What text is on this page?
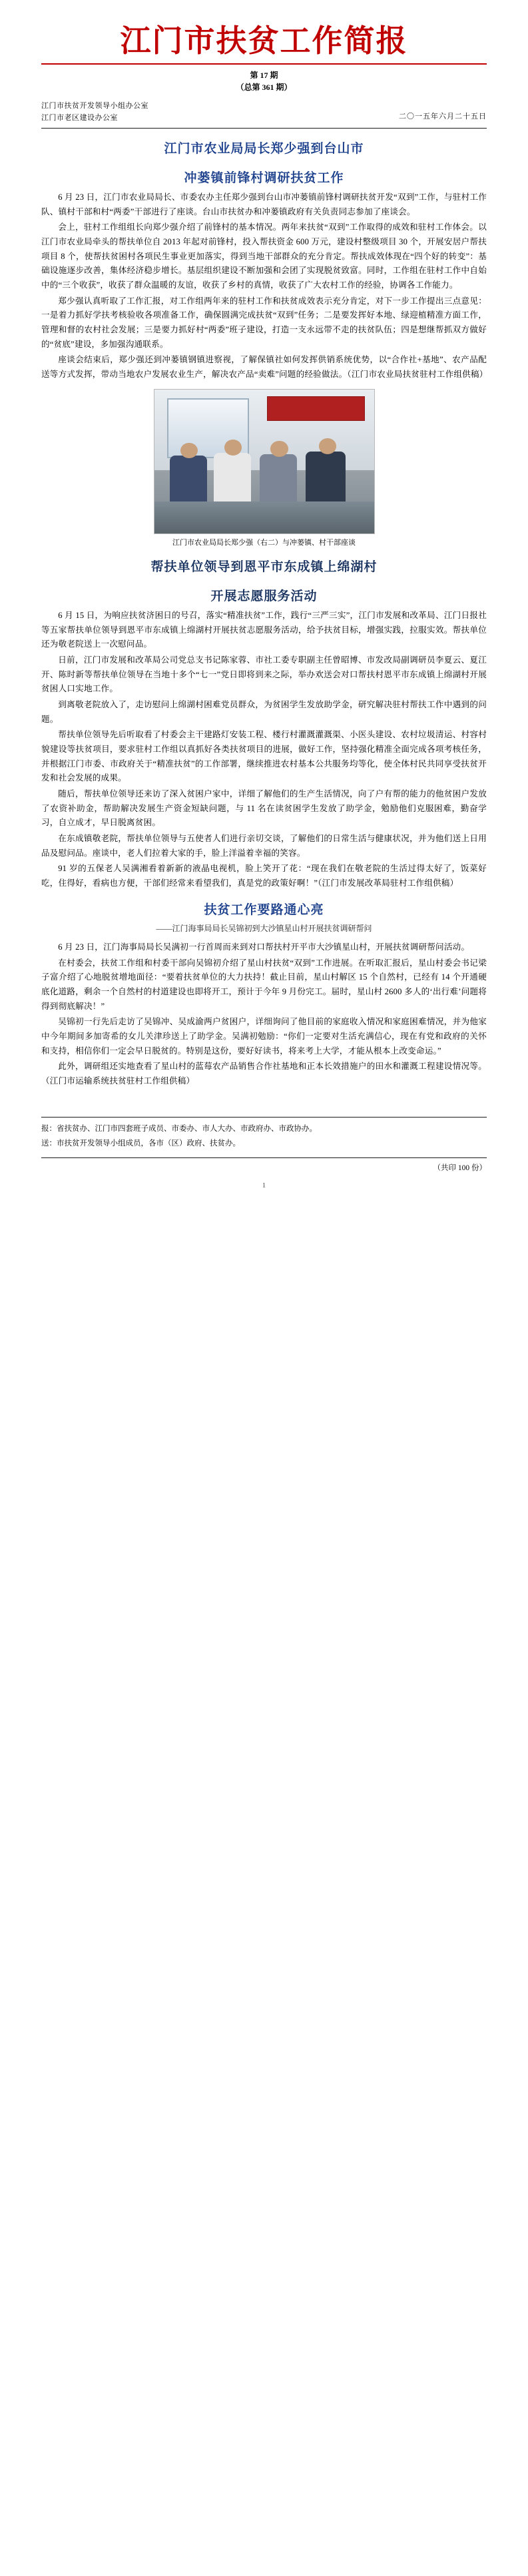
江门市扶贫工作简报
第 17 期
（总第 361 期）
江门市扶贫开发领导小组办公室
江门市老区建设办公室	二〇一五年六月二十五日
江门市农业局局长郑少强到台山市
冲蒌镇前锋村调研扶贫工作

6 月 23 日，江门市农业局局长、市委农办主任郑少强到台山市冲蒌镇前锋村调研扶贫开发“双到”工作，与驻村工作队、镇村干部和村“两委”干部进行了座谈。台山市扶贫办和冲蒌镇政府有关负责同志参加了座谈会。

会上，驻村工作组组长向郑少强介绍了前锋村的基本情况。两年来扶贫“双到”工作取得的成效和驻村工作体会。以江门市农业局牵头的帮扶单位自 2013 年起对前锋村，投入帮扶资金 600 万元，建设村整级项目 30 个，开展安居户帮扶项目 8 个，使帮扶贫困村各项民生事业更加落实，得到当地干部群众的充分肯定。帮扶成效体现在“四个好的转变”：基础设施逐步改善，集体经济稳步增长。基层组织建设不断加强和会团了实现脱贫致富。同时，工作组在驻村工作中自始中的“三个收获”，收获了群众温暖的友谊，收获了乡村的真情，收获了广大农村工作的经验，协调各工作能力。

郑少强认真听取了工作汇报，对工作组两年来的驻村工作和扶贫成效表示充分肯定，对下一步工作提出三点意见：一是着力抓好学扶考核验收各项准备工作，确保圆满完成扶贫“双到”任务；二是要发挥好本地、绿迎植精准方面工作，管理和督的农村社会发展；三是要力抓好村“两委”班子建设，打造一支永远带不走的扶贫队伍；四是想继帮抓双方做好的“贫底”建设，多加强沟通联系。

座谈会结束后，郑少强还到冲蒌镇钢镇进察视，了解保镇社如何发挥供销系统优势，以“合作社+基地”、农产品配送等方式发挥，带动当地农户发展农业生产，解决农产品“卖难”问题的经验做法。（江门市农业局扶贫驻村工作组供稿）

江门市农业局局长郑少强（右二）与冲蒌镇、村干部座谈
帮扶单位领导到恩平市东成镇上绵湖村
开展志愿服务活动

6 月 15 日，为响应扶贫济困日的号召，落实“精准扶贫”工作，践行“三严三实”，江门市发展和改革局、江门日报社等五家帮扶单位领导到恩平市东成镇上绵湖村开展扶贫志愿服务活动，给予扶贫目标，增强实践，拉服实效。帮扶单位还为敬老院送上一次慰问品。

日前，江门市发展和改革局公司党总支书记陈家蓉、市社工委专职副主任曾昭博、市发改局副调研员李夏云、夏江开、陈时新等帮扶单位领导在当地十多个“七一”党日即将到来之际，举办欢送会对口帮扶村恩平市东成镇上绵湖村开展贫困人口实地工作。

到离敬老院放入了，走访慰问上绵湖村困难党员群众，为贫困学生发放助学金，研究解决驻村帮扶工作中遇到的问题。

帮扶单位领导先后听取看了村委会主干建路灯安装工程、楼行村灌溉灌溉渠、小医头建设、农村垃圾清运、村容村貌建设等扶贫项目，要求驻村工作组以真抓好各类扶贫项目的进展，做好工作，坚持强化精准全面完成各项考核任务，并根据江门市委、市政府关于“精准扶贫”的工作部署，继续推进农村基本公共服务均等化，使全体村民共同享受扶贫开发和社会发展的成果。

随后，帮扶单位领导还来访了深入贫困户家中，详细了解他们的生产生活情况，向了户有帮的能力的他贫困户发放了农资补助金，帮助解决发展生产资金短缺问题，与 11 名在读贫困学生发放了助学金，勉励他们克服困难，勤奋学习，自立成才，早日脱离贫困。

在东成镇敬老院，帮扶单位领导与五使者人们进行亲切交谈，了解他们的日常生活与健康状况，并为他们送上日用品及慰问品。座谈中，老人们拉着大家的手，脸上洋溢着幸福的笑容。

91 岁的五保老人吴满湘看着新新的液晶电视机，脸上笑开了花：“现在我们在敬老院的生活过得太好了，饭菜好吃，住得好，看病也方便，干部们经常来看望我们，真是党的政策好啊！”（江门市发展改革局驻村工作组供稿）

扶贫工作要路通心亮
——江门海事局局长吴锦初到大沙镇星山村开展扶贫调研帮问

6 月 23 日，江门海事局局长吴满初一行首周而来到对口帮扶村开平市大沙镇星山村，开展扶贫调研帮问活动。

在村委会，扶贫工作组和村委干部向吴锦初介绍了星山村扶贫“双到”工作进展。在听取汇报后，星山村委会书记梁子富介绍了心地脱贫增地面径：“要着扶贫单位的大力扶持！截止目前，星山村解区 15 个自然村，已经有 14 个开通硬底化道路，剩余一个自然村的村道建设也即将开工，预计于今年 9 月份完工。届时，星山村 2600 多人的‘出行难’问题将得到彻底解决！”

吴锦初一行先后走访了吴锦冲、吴成渝两户贫困户，详细询问了他目前的家庭收入情况和家庭困难情况，并为他家中今年期间多加寄希的女儿关津珍送上了助学金。吴满初勉励：“你们一定要对生活充满信心，现在有党和政府的关怀和支持，相信你们一定会早日脱贫的。特别是这份，要好好读书，将来考上大学，才能从根本上改变命运。”

此外，调研组还实地查看了星山村的蓝莓农产品销售合作社基地和正本长效措施户的田水和灌溉工程建设情况等。（江门市运输系统扶贫驻村工作组供稿）

报：省扶贫办、江门市四套班子成员、市委办、市人大办、市政府办、市政协办。

送：市扶贫开发领导小组成员，各市（区）政府、扶贫办。

（共印 100 份）
1
